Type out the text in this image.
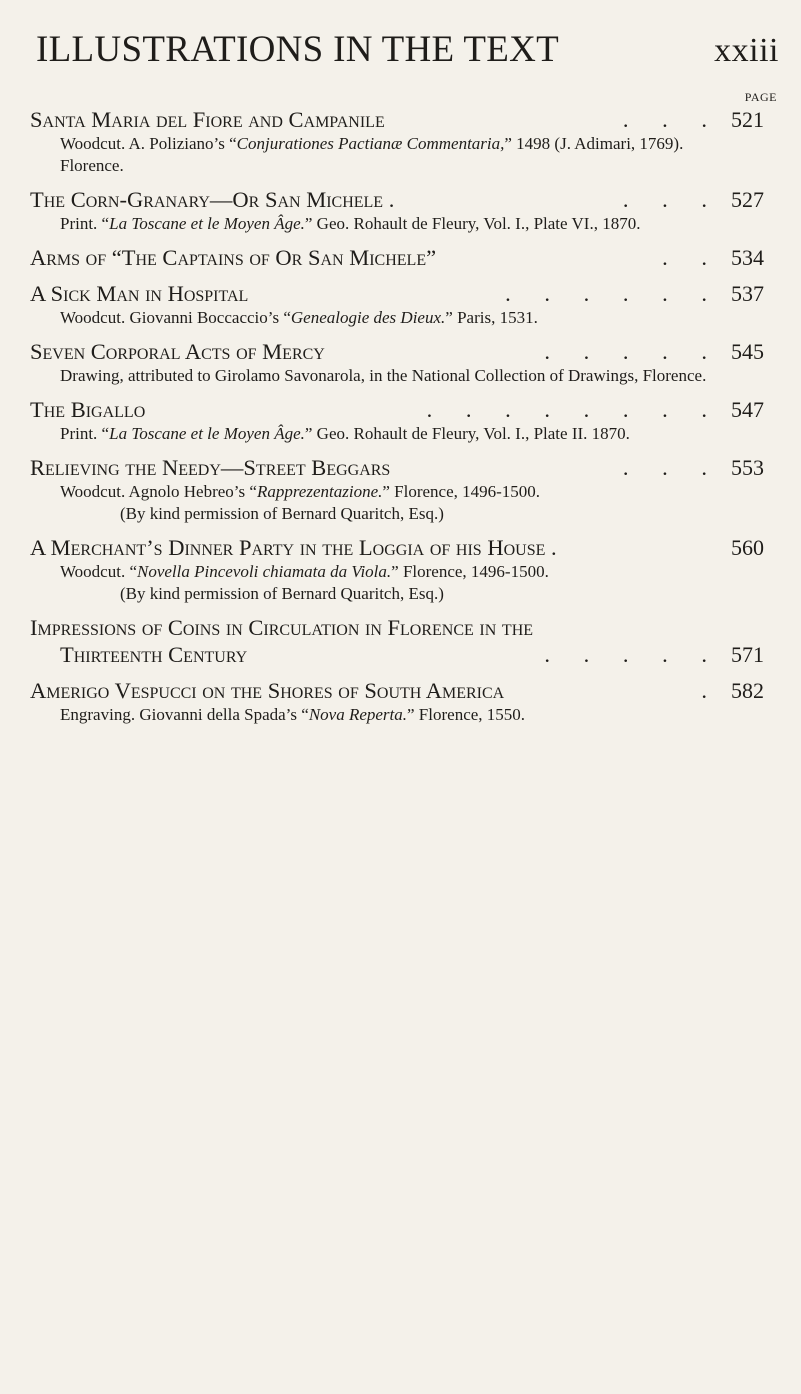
ILLUSTRATIONS IN THE TEXT	xxiii
PAGE
Santa Maria del Fiore and Campanile	. . . 521
Woodcut. A. Poliziano’s “Conjurationes Pactianæ Commentaria,” 1498 (J. Adimari, 1769). Florence.
The Corn-Granary—Or San Michele .	. . . 527
Print. “La Toscane et le Moyen Âge.” Geo. Rohault de Fleury, Vol. I., Plate VI., 1870.
Arms of “The Captains of Or San Michele”	. . 534
A Sick Man in Hospital	. . . . . . 537
Woodcut. Giovanni Boccaccio’s “Genealogie des Dieux.” Paris, 1531.
Seven Corporal Acts of Mercy	. . . . . 545
Drawing, attributed to Girolamo Savonarola, in the National Collection of Drawings, Florence.
The Bigallo	. . . . . . . . 547
Print. “La Toscane et le Moyen Âge.” Geo. Rohault de Fleury, Vol. I., Plate II. 1870.
Relieving the Needy—Street Beggars	. . . 553
Woodcut. Agnolo Hebreo’s “Rapprezentazione.” Florence, 1496-1500.
(By kind permission of Bernard Quaritch, Esq.)
A Merchant’s Dinner Party in the Loggia of his House .	560
Woodcut. “Novella Pincevoli chiamata da Viola.” Florence, 1496-1500.
(By kind permission of Bernard Quaritch, Esq.)
Impressions of Coins in Circulation in Florence in the
Thirteenth Century	. . . . . 571
Amerigo Vespucci on the Shores of South America	. 582
Engraving. Giovanni della Spada’s “Nova Reperta.” Florence, 1550.
